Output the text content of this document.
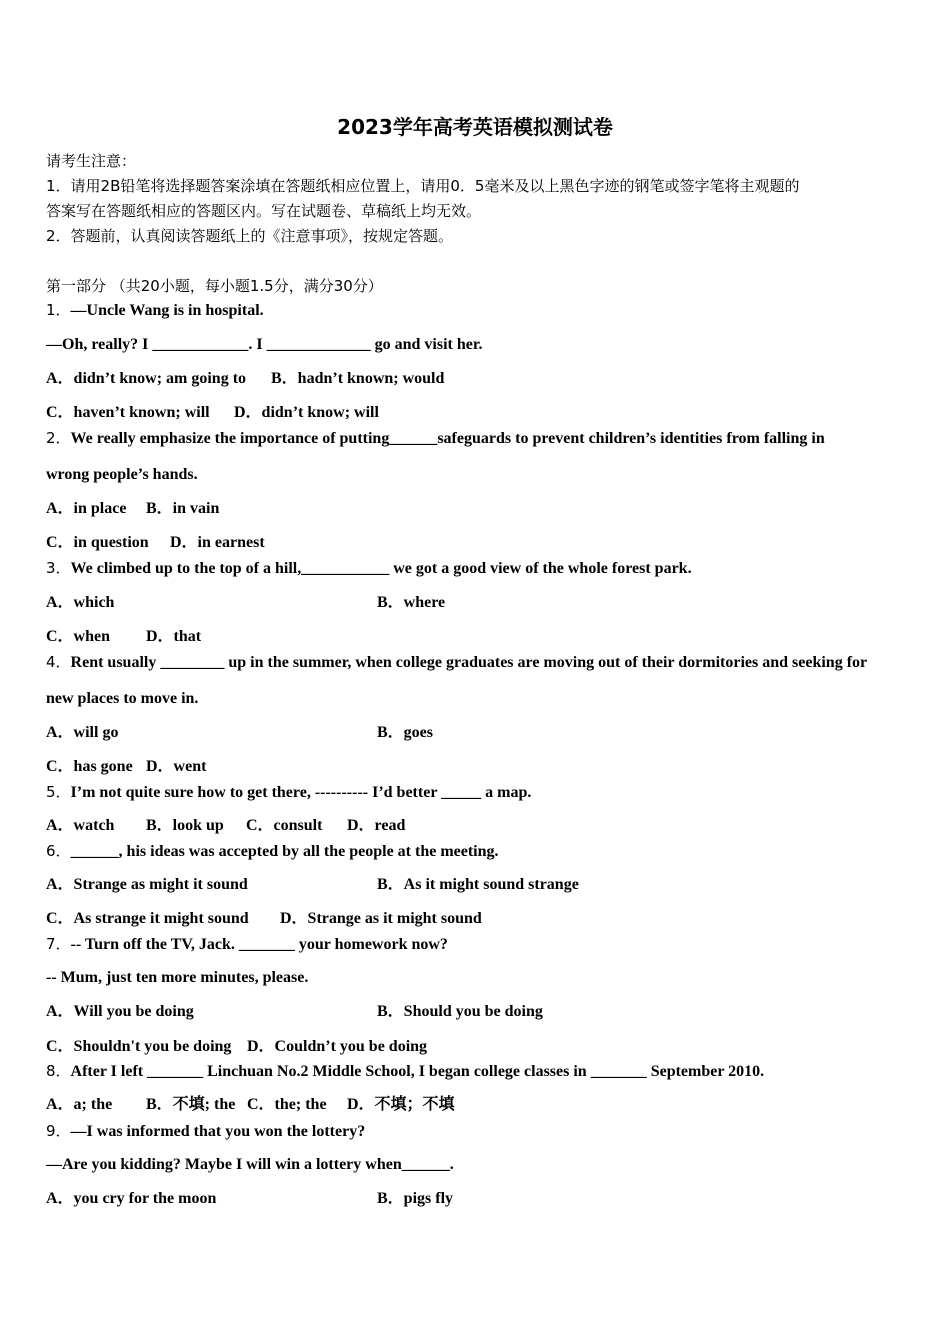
2023学年高考英语模拟测试卷
请考生注意：
1．请用2B铅笔将选择题答案涂填在答题纸相应位置上，请用0．5毫米及以上黑色字迹的钢笔或签字笔将主观题的
答案写在答题纸相应的答题区内。写在试题卷、草稿纸上均无效。
2．答题前，认真阅读答题纸上的《注意事项》，按规定答题。
第一部分 （共20小题，每小题1.5分，满分30分）
1．—Uncle Wang is in hospital.
—Oh, really? I ____________. I _____________ go and visit her.
A．didn’t know; am going to B．hadn’t known; would
C．haven’t known; will D．didn’t know; will
2．We really emphasize the importance of putting______safeguards to prevent children’s identities from falling in
wrong people’s hands.
A．in place B．in vain
C．in question D．in earnest
3．We climbed up to the top of a hill,___________ we got a good view of the whole forest park.
A．which	B．where
C．when D．that
4．Rent usually ________ up in the summer, when college graduates are moving out of their dormitories and seeking for
new places to move in.
A．will go	B．goes
C．has gone D．went
5．I’m not quite sure how to get there, ---------- I’d better _____ a map.
A．watch B．look up C．consult D．read
6．______, his ideas was accepted by all the people at the meeting.
A．Strange as might it sound	B．As it might sound strange
C．As strange it might sound D．Strange as it might sound
7．-- Turn off the TV, Jack. _______ your homework now?
-- Mum, just ten more minutes, please.
A．Will you be doing	B．Should you be doing
C．Shouldn't you be doing D．Couldn’t you be doing
8．After I left _______ Linchuan No.2 Middle School, I began college classes in _______ September 2010.
A．a; the B．不填; the C．the; the D．不填；不填
9．—I was informed that you won the lottery?
—Are you kidding? Maybe I will win a lottery when______.
A．you cry for the moon	B．pigs fly
